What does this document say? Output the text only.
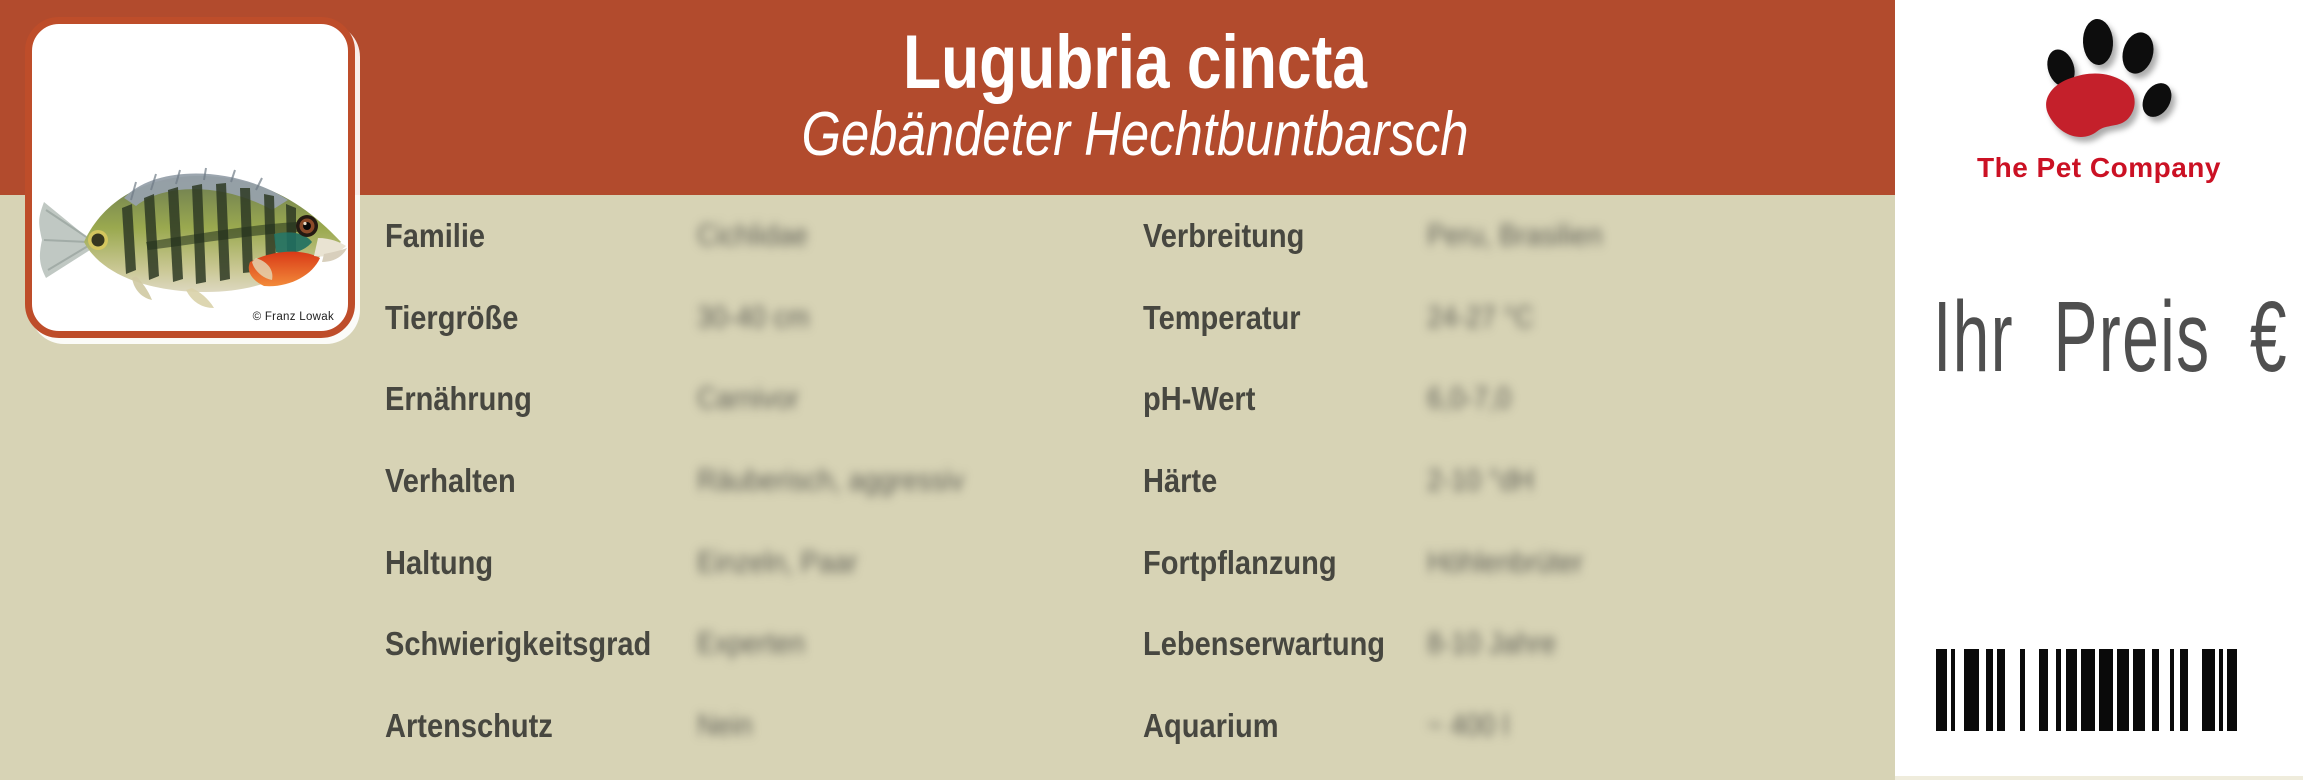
Lugubria cincta
Gebändeter Hechtbuntbarsch
Familie	Cichlidae
Tiergröße	30-40 cm
Ernährung	Carnivor
Verhalten	Räuberisch, aggressiv
Haltung	Einzeln, Paar
Schwierigkeitsgrad Experten
Artenschutz	Nein
Verbreitung	Peru, Brasilien
Temperatur	24-27 °C
pH-Wert	6,0-7,0
Härte	2-10 °dH
Fortpflanzung	Höhlenbrüter
Lebenserwartung 8-10 Jahre
Aquarium	~ 400 l
© Franz Lowak
The Pet Company
Ihr Preis €
